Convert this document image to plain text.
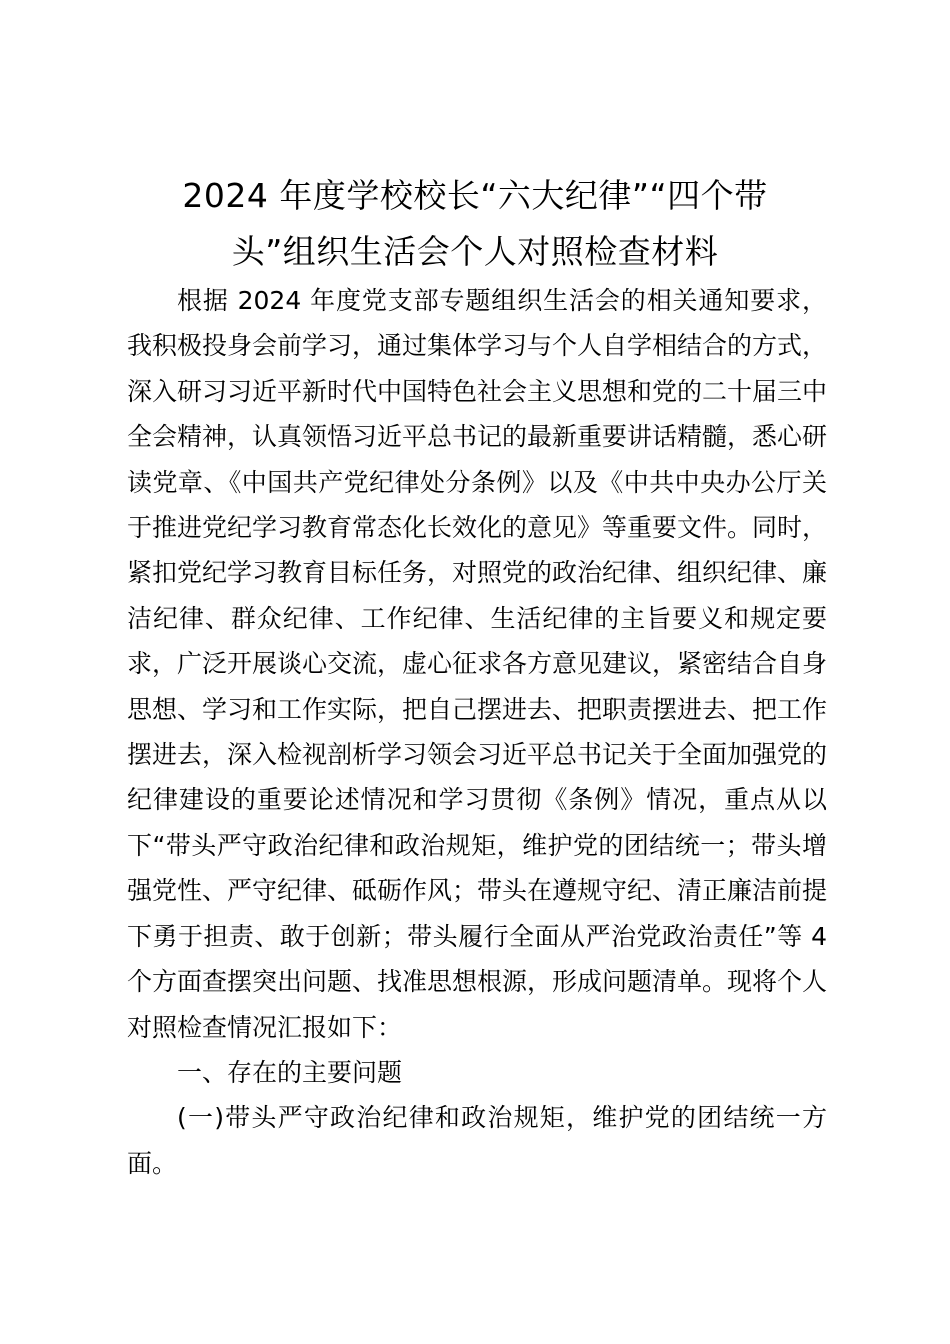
2024 年度学校校长“六大纪律”“四个带
头”组织生活会个人对照检查材料

根据 2024 年度党支部专题组织生活会的相关通知要求，我积极投身会前学习，通过集体学习与个人自学相结合的方式，深入研习习近平新时代中国特色社会主义思想和党的二十届三中全会精神，认真领悟习近平总书记的最新重要讲话精髓，悉心研读党章、《中国共产党纪律处分条例》以及《中共中央办公厅关于推进党纪学习教育常态化长效化的意见》等重要文件。同时，紧扣党纪学习教育目标任务，对照党的政治纪律、组织纪律、廉洁纪律、群众纪律、工作纪律、生活纪律的主旨要义和规定要求，广泛开展谈心交流，虚心征求各方意见建议，紧密结合自身思想、学习和工作实际，把自己摆进去、把职责摆进去、把工作摆进去，深入检视剖析学习领会习近平总书记关于全面加强党的纪律建设的重要论述情况和学习贯彻《条例》情况，重点从以下“带头严守政治纪律和政治规矩，维护党的团结统一；带头增强党性、严守纪律、砥砺作风；带头在遵规守纪、清正廉洁前提下勇于担责、敢于创新；带头履行全面从严治党政治责任”等 4 个方面查摆突出问题、找准思想根源，形成问题清单。现将个人对照检查情况汇报如下：

一、存在的主要问题

(一)带头严守政治纪律和政治规矩，维护党的团结统一方面。
